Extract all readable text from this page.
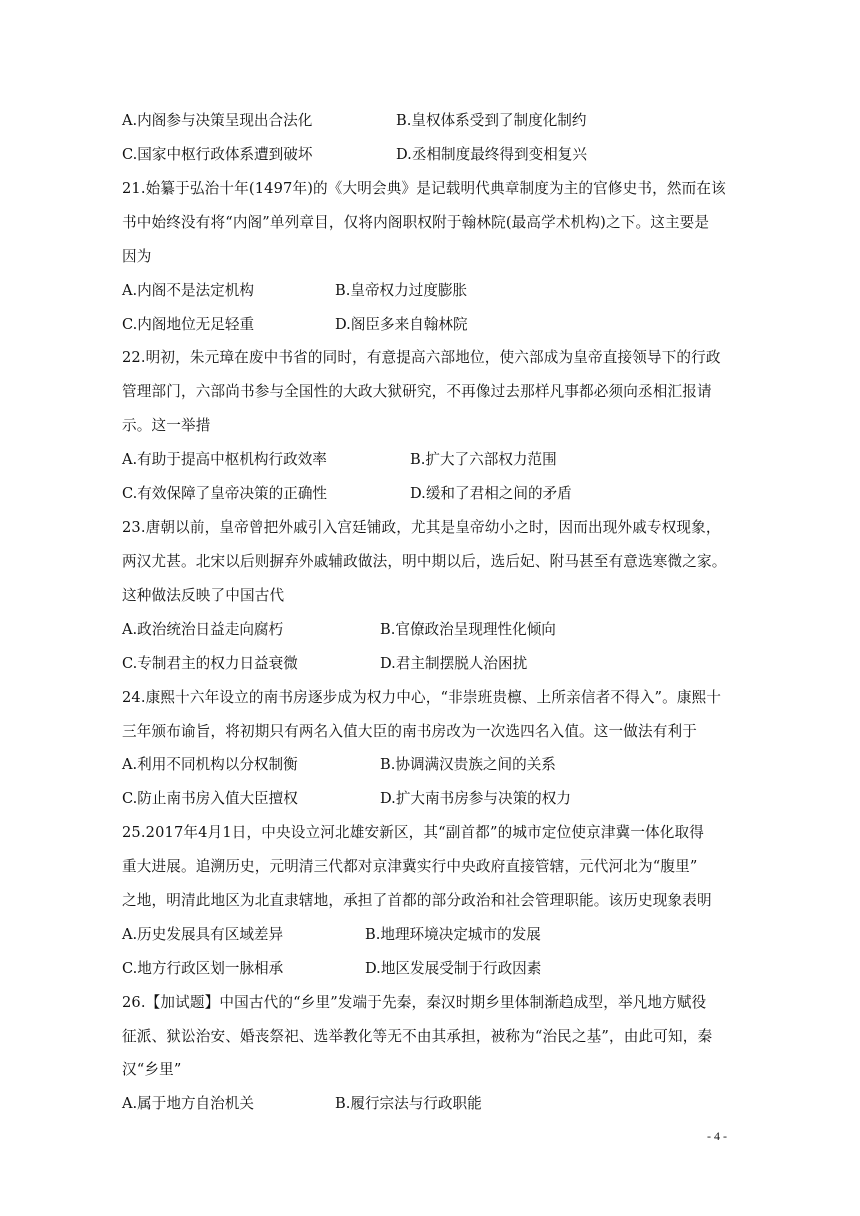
A.内阁参与决策呈现出合法化	B.皇权体系受到了制度化制约
C.国家中枢行政体系遭到破坏	D.丞相制度最终得到变相复兴
21.始纂于弘治十年(1497年)的《大明会典》是记载明代典章制度为主的官修史书，然而在该
书中始终没有将“内阁”单列章目，仅将内阁职权附于翰林院(最高学术机构)之下。这主要是
因为
A.内阁不是法定机构	B.皇帝权力过度膨胀
C.内阁地位无足轻重	D.阁臣多来自翰林院
22.明初，朱元璋在废中书省的同时，有意提高六部地位，使六部成为皇帝直接领导下的行政
管理部门，六部尚书参与全国性的大政大狱研究，不再像过去那样凡事都必须向丞相汇报请
示。这一举措
A.有助于提高中枢机构行政效率	B.扩大了六部权力范围
C.有效保障了皇帝决策的正确性	D.缓和了君相之间的矛盾
23.唐朝以前，皇帝曾把外戚引入宫廷铺政，尤其是皇帝幼小之时，因而出现外戚专权现象，
两汉尤甚。北宋以后则摒弃外戚辅政做法，明中期以后，选后妃、附马甚至有意选寒微之家。
这种做法反映了中国古代
A.政治统治日益走向腐朽	B.官僚政治呈现理性化倾向
C.专制君主的权力日益衰微	D.君主制摆脱人治困扰
24.康熙十六年设立的南书房逐步成为权力中心，“非崇班贵檩、上所亲信者不得入”。康熙十
三年颁布谕旨，将初期只有两名入值大臣的南书房改为一次选四名入值。这一做法有利于
A.利用不同机构以分权制衡	B.协调满汉贵族之间的关系
C.防止南书房入值大臣擅权	D.扩大南书房参与决策的权力
25.2017年4月1日，中央设立河北雄安新区，其“副首都”的城市定位使京津冀一体化取得
重大进展。追溯历史，元明清三代都对京津冀实行中央政府直接管辖，元代河北为“腹里”
之地，明清此地区为北直隶辖地，承担了首都的部分政治和社会管理职能。该历史现象表明
A.历史发展具有区域差异	B.地理环境决定城市的发展
C.地方行政区划一脉相承	D.地区发展受制于行政因素
26.【加试题】中国古代的“乡里”发端于先秦，秦汉时期乡里体制渐趋成型，举凡地方赋役
征派、狱讼治安、婚丧祭祀、选举教化等无不由其承担，被称为“治民之基”，由此可知，秦
汉“乡里”
A.属于地方自治机关	B.履行宗法与行政职能
- 4 -
